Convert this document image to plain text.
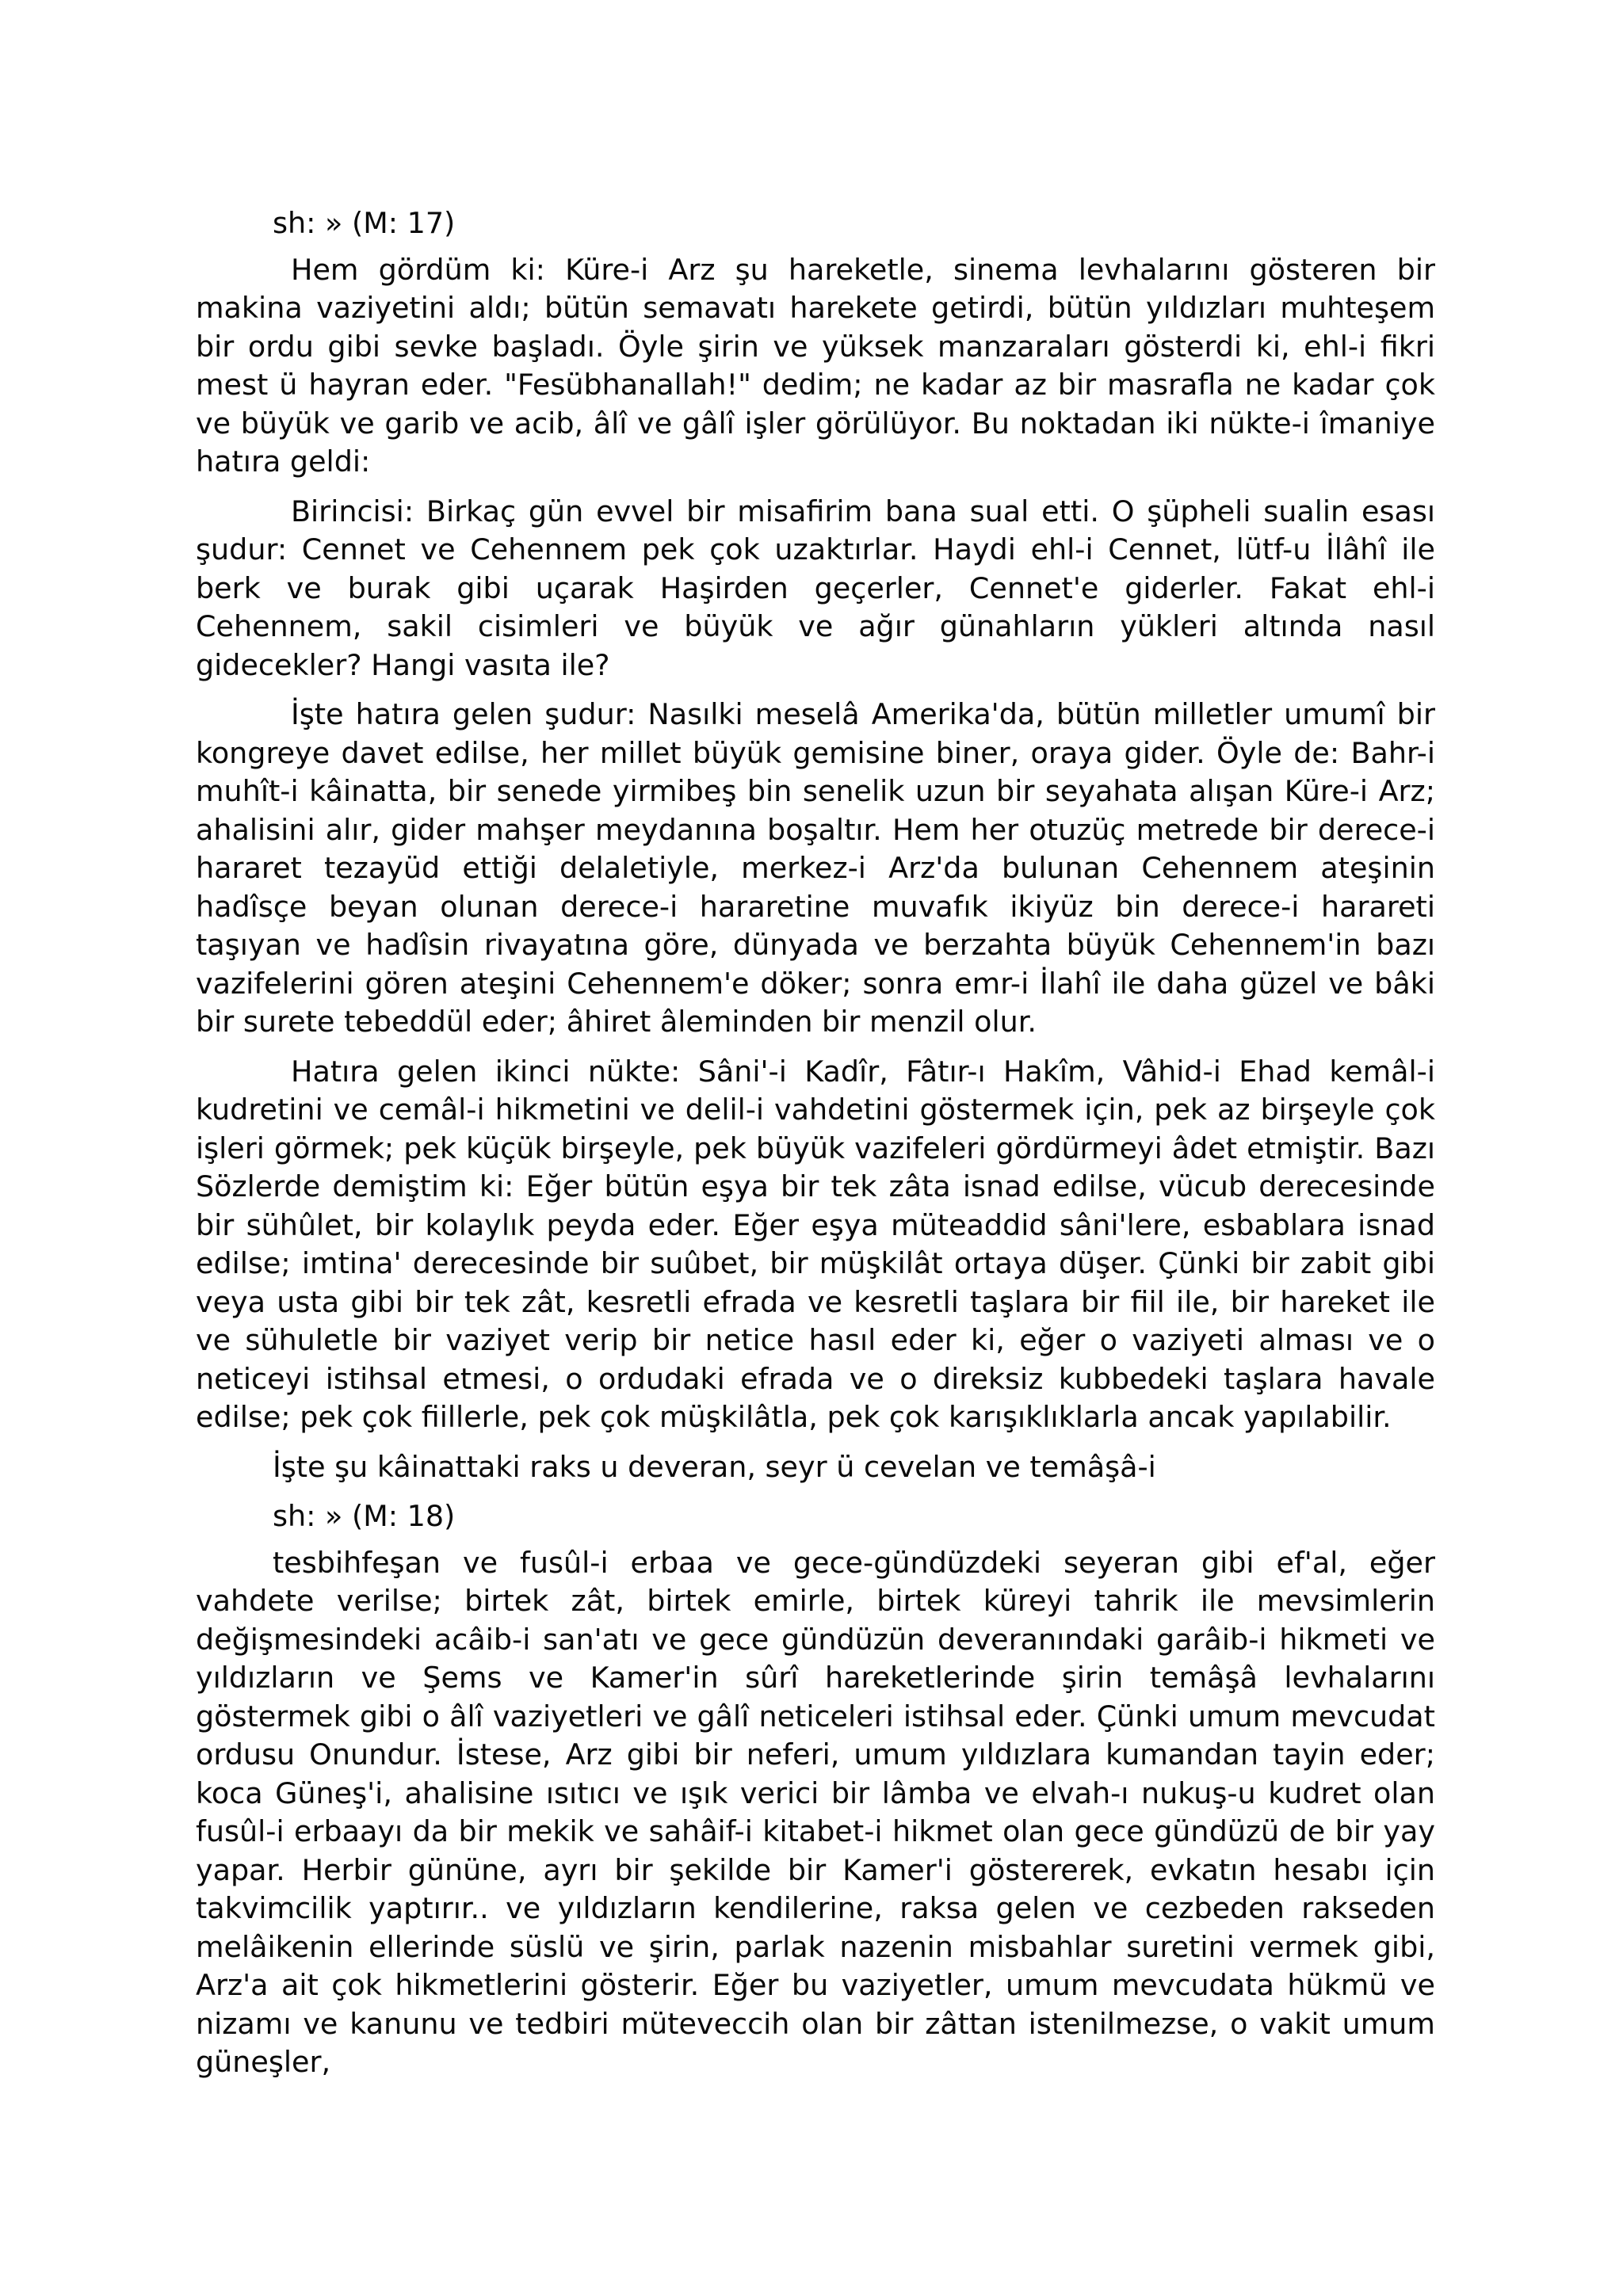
sh: » (M: 17)

Hem gördüm ki: Küre-i Arz şu hareketle, sinema levhalarını gösteren bir makina vaziyetini aldı; bütün semavatı harekete getirdi, bütün yıldızları muhteşem bir ordu gibi sevke başladı. Öyle şirin ve yüksek manzaraları gösterdi ki, ehl-i fikri mest ü hayran eder. "Fesübhanallah!" dedim; ne kadar az bir masrafla ne kadar çok ve büyük ve garib ve acib, âlî ve gâlî işler görülüyor. Bu noktadan iki nükte-i îmaniye hatıra geldi:

Birincisi: Birkaç gün evvel bir misafirim bana sual etti. O şüpheli sualin esası şudur: Cennet ve Cehennem pek çok uzaktırlar. Haydi ehl-i Cennet, lütf-u İlâhî ile berk ve burak gibi uçarak Haşirden geçerler, Cennet'e giderler. Fakat ehl-i Cehennem, sakil cisimleri ve büyük ve ağır günahların yükleri altında nasıl gidecekler? Hangi vasıta ile?

İşte hatıra gelen şudur: Nasılki meselâ Amerika'da, bütün milletler umumî bir kongreye davet edilse, her millet büyük gemisine biner, oraya gider. Öyle de: Bahr-i muhît-i kâinatta, bir senede yirmibeş bin senelik uzun bir seyahata alışan Küre-i Arz; ahalisini alır, gider mahşer meydanına boşaltır. Hem her otuzüç metrede bir derece-i hararet tezayüd ettiği delaletiyle, merkez-i Arz'da bulunan Cehennem ateşinin hadîsçe beyan olunan derece-i hararetine muvafık ikiyüz bin derece-i harareti taşıyan ve hadîsin rivayatına göre, dünyada ve berzahta büyük Cehennem'in bazı vazifelerini gören ateşini Cehennem'e döker; sonra emr-i İlahî ile daha güzel ve bâki bir surete tebeddül eder; âhiret âleminden bir menzil olur.

Hatıra gelen ikinci nükte: Sâni'-i Kadîr, Fâtır-ı Hakîm, Vâhid-i Ehad kemâl-i kudretini ve cemâl-i hikmetini ve delil-i vahdetini göstermek için, pek az birşeyle çok işleri görmek; pek küçük birşeyle, pek büyük vazifeleri gördürmeyi âdet etmiştir. Bazı Sözlerde demiştim ki: Eğer bütün eşya bir tek zâta isnad edilse, vücub derecesinde bir sühûlet, bir kolaylık peyda eder. Eğer eşya müteaddid sâni'lere, esbablara isnad edilse; imtina' derecesinde bir suûbet, bir müşkilât ortaya düşer. Çünki bir zabit gibi veya usta gibi bir tek zât, kesretli efrada ve kesretli taşlara bir fiil ile, bir hareket ile ve sühuletle bir vaziyet verip bir netice hasıl eder ki, eğer o vaziyeti alması ve o neticeyi istihsal etmesi, o ordudaki efrada ve o direksiz kubbedeki taşlara havale edilse; pek çok fiillerle, pek çok müşkilâtla, pek çok karışıklıklarla ancak yapılabilir.

İşte şu kâinattaki raks u deveran, seyr ü cevelan ve temâşâ-i

sh: » (M: 18)

tesbihfeşan ve fusûl-i erbaa ve gece-gündüzdeki seyeran gibi ef'al, eğer vahdete verilse; birtek zât, birtek emirle, birtek küreyi tahrik ile mevsimlerin değişmesindeki acâib-i san'atı ve gece gündüzün deveranındaki garâib-i hikmeti ve yıldızların ve Şems ve Kamer'in sûrî hareketlerinde şirin temâşâ levhalarını göstermek gibi o âlî vaziyetleri ve gâlî neticeleri istihsal eder. Çünki umum mevcudat ordusu Onundur. İstese, Arz gibi bir neferi, umum yıldızlara kumandan tayin eder; koca Güneş'i, ahalisine ısıtıcı ve ışık verici bir lâmba ve elvah-ı nukuş-u kudret olan fusûl-i erbaayı da bir mekik ve sahâif-i kitabet-i hikmet olan gece gündüzü de bir yay yapar. Herbir gününe, ayrı bir şekilde bir Kamer'i göstererek, evkatın hesabı için takvimcilik yaptırır.. ve yıldızların kendilerine, raksa gelen ve cezbeden rakseden melâikenin ellerinde süslü ve şirin, parlak nazenin misbahlar suretini vermek gibi, Arz'a ait çok hikmetlerini gösterir. Eğer bu vaziyetler, umum mevcudata hükmü ve nizamı ve kanunu ve tedbiri müteveccih olan bir zâttan istenilmezse, o vakit umum güneşler,
